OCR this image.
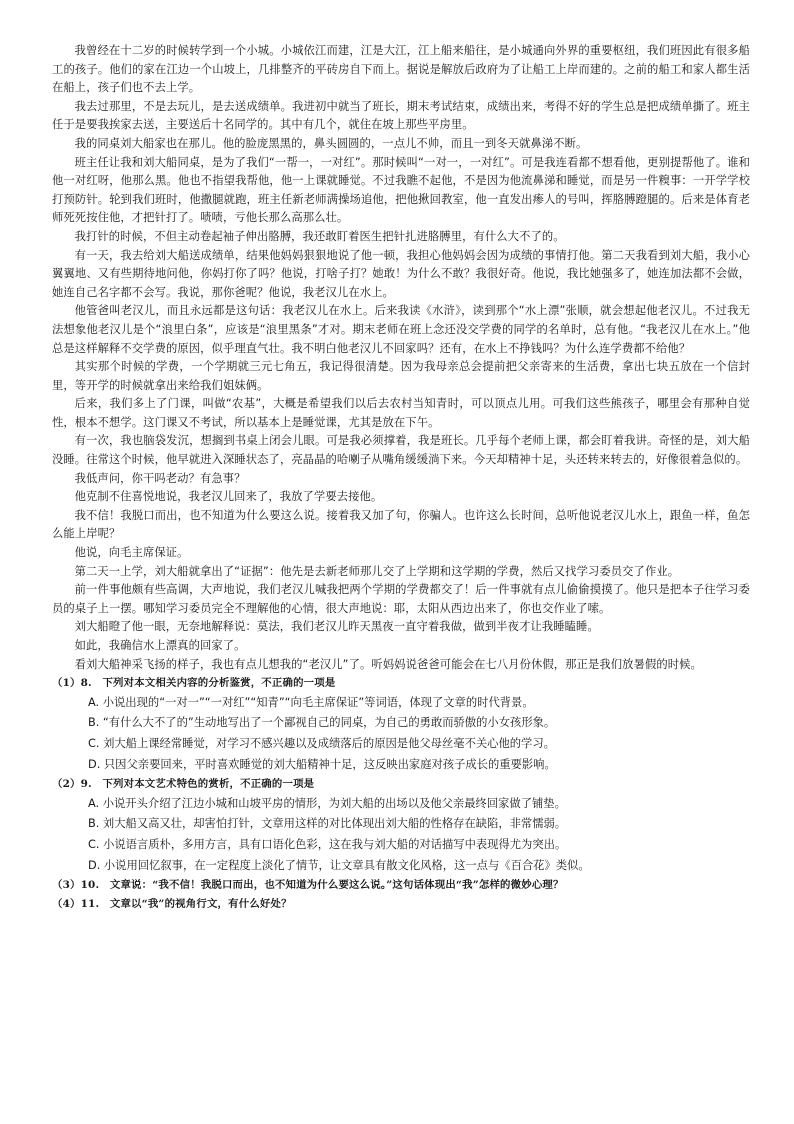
我曾经在十二岁的时候转学到一个小城。小城依江而建，江是大江，江上船来船往，是小城通向外界的重要枢纽，我们班因此有很多船工的孩子。他们的家在江边一个山坡上，几排整齐的平砖房自下而上。据说是解放后政府为了让船工上岸而建的。之前的船工和家人都生活在船上，孩子们也不去上学。

我去过那里，不是去玩儿，是去送成绩单。我进初中就当了班长，期末考试结束，成绩出来，考得不好的学生总是把成绩单撕了。班主任于是要我挨家去送，主要送后十名同学的。其中有几个，就住在坡上那些平房里。

我的同桌刘大船家也在那儿。他的脸庞黑黑的，鼻头圆圆的，一点儿不帅，而且一到冬天就鼻涕不断。

班主任让我和刘大船同桌，是为了我们“一帮一，一对红”。那时候叫“一对一，一对红”。可是我连看都不想看他，更别提帮他了。谁和他一对红呀，他那么黑。他也不指望我帮他，他一上课就睡觉。不过我瞧不起他，不是因为他流鼻涕和睡觉，而是另一件糗事：一开学学校打预防针。轮到我们班时，他撒腿就跑，班主任新老师满操场追他，把他揪回教室，他一直发出瘆人的号叫，挥胳膊蹬腿的。后来是体育老师死死按住他，才把针打了。啧啧，亏他长那么高那么壮。

我打针的时候，不但主动卷起袖子伸出胳膊，我还敢盯着医生把针扎进胳膊里，有什么大不了的。

有一天，我去给刘大船送成绩单，结果他妈妈狠狠地说了他一顿，我担心他妈妈会因为成绩的事情打他。第二天我看到刘大船，我小心翼翼地、又有些期待地问他，你妈打你了吗？他说，打啥子打？她敢！为什么不敢？我很好奇。他说，我比她强多了，她连加法都不会做，她连自己名字都不会写。我说，那你爸呢？他说，我老汉儿在水上。

他管爸叫老汉儿，而且永远都是这句话：我老汉儿在水上。后来我读《水浒》，读到那个“水上漂”张顺，就会想起他老汉儿。不过我无法想象他老汉儿是个“浪里白条”，应该是“浪里黑条”才对。期末老师在班上念还没交学费的同学的名单时，总有他。“我老汉儿在水上。”他总是这样解释不交学费的原因，似乎理直气壮。我不明白他老汉儿不回家吗？还有，在水上不挣钱吗？为什么连学费都不给他？

其实那个时候的学费，一个学期就三元七角五，我记得很清楚。因为我母亲总会提前把父亲寄来的生活费，拿出七块五放在一个信封里，等开学的时候就拿出来给我们姐妹俩。

后来，我们多上了门课，叫做“农基”，大概是希望我们以后去农村当知青时，可以顶点儿用。可我们这些熊孩子，哪里会有那种自觉性，根本不想学。这门课又不考试，所以基本上是睡觉课，尤其是放在下午。

有一次，我也脑袋发沉，想搁到书桌上闭会儿眼。可是我必须撑着，我是班长。几乎每个老师上课，都会盯着我讲。奇怪的是，刘大船没睡。往常这个时候，他早就进入深睡状态了，亮晶晶的哈喇子从嘴角缓缓淌下来。今天却精神十足，头还转来转去的，好像很着急似的。

我低声问，你干吗老动？有急事？

他克制不住喜悦地说，我老汉儿回来了，我放了学要去接他。

我不信！我脱口而出，也不知道为什么要这么说。接着我又加了句，你骗人。也许这么长时间，总听他说老汉儿水上，跟鱼一样，鱼怎么能上岸呢？

他说，向毛主席保证。

第二天一上学，刘大船就拿出了“证据”：他先是去新老师那儿交了上学期和这学期的学费，然后又找学习委员交了作业。

前一件事他颇有些高调，大声地说，我们老汉儿喊我把两个学期的学费都交了！后一件事就有点儿偷偷摸摸了。他只是把本子往学习委员的桌子上一摆。哪知学习委员完全不理解他的心情，很大声地说：耶，太阳从西边出来了，你也交作业了嗦。

刘大船瞪了他一眼，无奈地解释说：莫法，我们老汉儿昨天黑夜一直守着我做，做到半夜才让我睡瞌睡。

如此，我确信水上漂真的回家了。

看刘大船神采飞扬的样子，我也有点儿想我的“老汉儿”了。听妈妈说爸爸可能会在七八月份休假，那正是我们放暑假的时候。

（1）8.　下列对本文相关内容的分析鉴赏，不正确的一项是

A. 小说出现的“一对一”“一对红”“知青”“向毛主席保证”等词语，体现了文章的时代背景。

B. “有什么大不了的”生动地写出了一个鄙视自己的同桌，为自己的勇敢而骄傲的小女孩形象。

C. 刘大船上课经常睡觉，对学习不感兴趣以及成绩落后的原因是他父母丝毫不关心他的学习。

D. 只因父亲要回来，平时喜欢睡觉的刘大船精神十足，这反映出家庭对孩子成长的重要影响。

（2）9.　下列对本文艺术特色的赏析，不正确的一项是

A. 小说开头介绍了江边小城和山坡平房的情形，为刘大船的出场以及他父亲最终回家做了铺垫。

B. 刘大船又高又壮，却害怕打针，文章用这样的对比体现出刘大船的性格存在缺陷，非常懦弱。

C. 小说语言质朴，多用方言，具有口语化色彩，这在我与刘大船的对话描写中表现得尤为突出。

D. 小说用回忆叙事，在一定程度上淡化了情节，让文章具有散文化风格，这一点与《百合花》类似。

（3）10.　文章说：“我不信！我脱口而出，也不知道为什么要这么说。”这句话体现出“我”怎样的微妙心理？

（4）11.　文章以“我”的视角行文，有什么好处？
